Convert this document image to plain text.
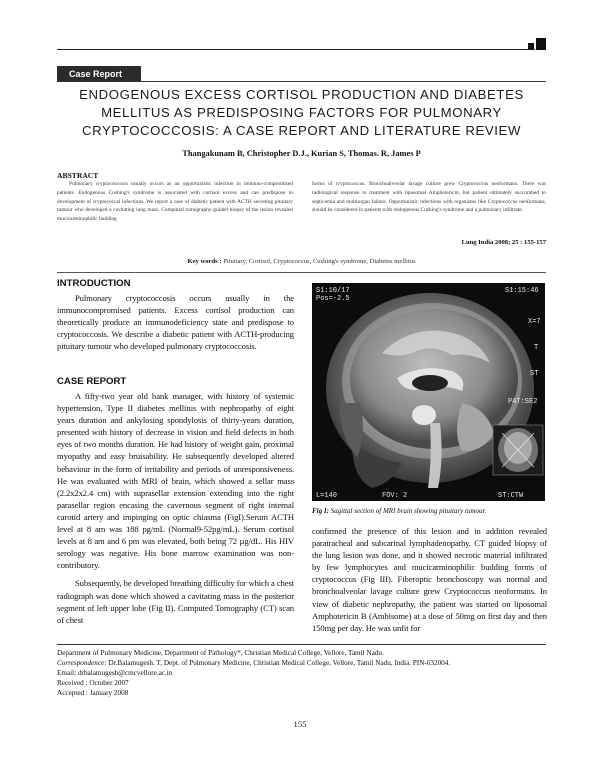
Case Report
ENDOGENOUS EXCESS CORTISOL PRODUCTION AND DIABETES
MELLITUS AS PREDISPOSING FACTORS FOR PULMONARY
CRYPTOCOCCOSIS: A CASE REPORT AND LITERATURE REVIEW
Thangakunam B, Christopher D.J., Kurian S, Thomas. R, James P
ABSTRACT
Pulmonary cryptococcosis usually occurs as an opportunistic infection in immuno-compromised patients. Endogenous Cushing's syndrome is associated with cortisol excess and can predispose to development of cryptococcal infections. We report a case of diabetic patient with ACTH secreting pituitary tumour who developed a cavitating lung mass. Computed tomography-guided biopsy of the lesion revealed mucicarminophilic budding
forms of cryptococcus. Bronchoalveolar lavage culture grew Cryptococcus neoformans. There was radiological response to treatment with liposomal Amphotericin, but patient ultimately succumbed to septicemia and multiorgan failure. Opportunistic infections with organisms like Cryptococcus neoformans, should be considered in patients with endogenous Cushing's syndrome and a pulmonary infiltrate.
Lung India 2008; 25 : 155-157
Key words : Pituitary, Cortisol, Cryptococcus, Cushing's syndrome, Diabetes mellitus
INTRODUCTION

Pulmonary cryptococcosis occurs usually in the immunocompromised patients. Excess cortisol production can theoretically produce an immunodeficiency state and predispose to cryptococcosis. We describe a diabetic patient with ACTH-producing pituitary tumour who developed pulmonary cryptococcosis.

CASE REPORT

A fifty-two year old bank manager, with history of systemic hypertension, Type II diabetes mellitus with nephropathy of eight years duration and ankylosing spondylosis of thirty-years duration, presented with history of decrease in vision and field defects in both eyes of two months duration. He had history of weight gain, proximal myopathy and easy bruisability. He subsequently developed altered behaviour in the form of irritability and periods of unresponsiveness. He was evaluated with MRI of brain, which showed a sellar mass (2.2x2x2.4 cm) with suprasellar extension extending into the right parasellar region encasing the cavernous segment of right internal carotid artery and impinging on optic chiasma (FigI).Serum ACTH level at 8 am was 188 pg/mL (Normal9-52pg/mL). Serum cortisol levels at 8 am and 6 pm was elevated, both being 72 µg/dL. His HIV serology was negative. His bone marrow examination was non-contributory.

Subsequently, he developed breathing difficulty for which a chest radiograph was done which showed a cavitating mass in the posterior segment of left upper lobe (Fig II). Computed Tomography (CT) scan of chest

S1:10/17
Pos=-2.5
S1:15:46
X=7
T
ST
PAT:SE2
L=140	FOV: 2	ST:CTW
Fig I: Sagittal section of MRI brain showing pituitary tumour.
confirmed the presence of this lesion and in addition revealed paratracheal and subcarinal lymphadenopathy. CT guided biopsy of the lung lesion was done, and it showed necrotic material infiltrated by few lymphocytes and mucicarminophilic budding forms of cryptococcus (Fig III). Fiberoptic bronchoscopy was normal and bronchoalveolar lavage culture grew Cryptococcus neoformans. In view of diabetic nephropathy, the patient was started on liposomal Amphotericin B (Ambisome) at a dose of 50mg on first day and then 150mg per day. He was unfit for
Department of Pulmonary Medicine, Department of Pathology*, Christian Medical College, Vellore, Tamil Nadu.
Correspondence: Dr.Balamugesh. T, Dept. of Pulmonary Medicine, Christian Medical College, Vellore, Tamil Nadu, India. PIN-632004.
Email: drbalamugesh@cmcvellore.ac.in
Received : October 2007
Accepted : January 2008
155
